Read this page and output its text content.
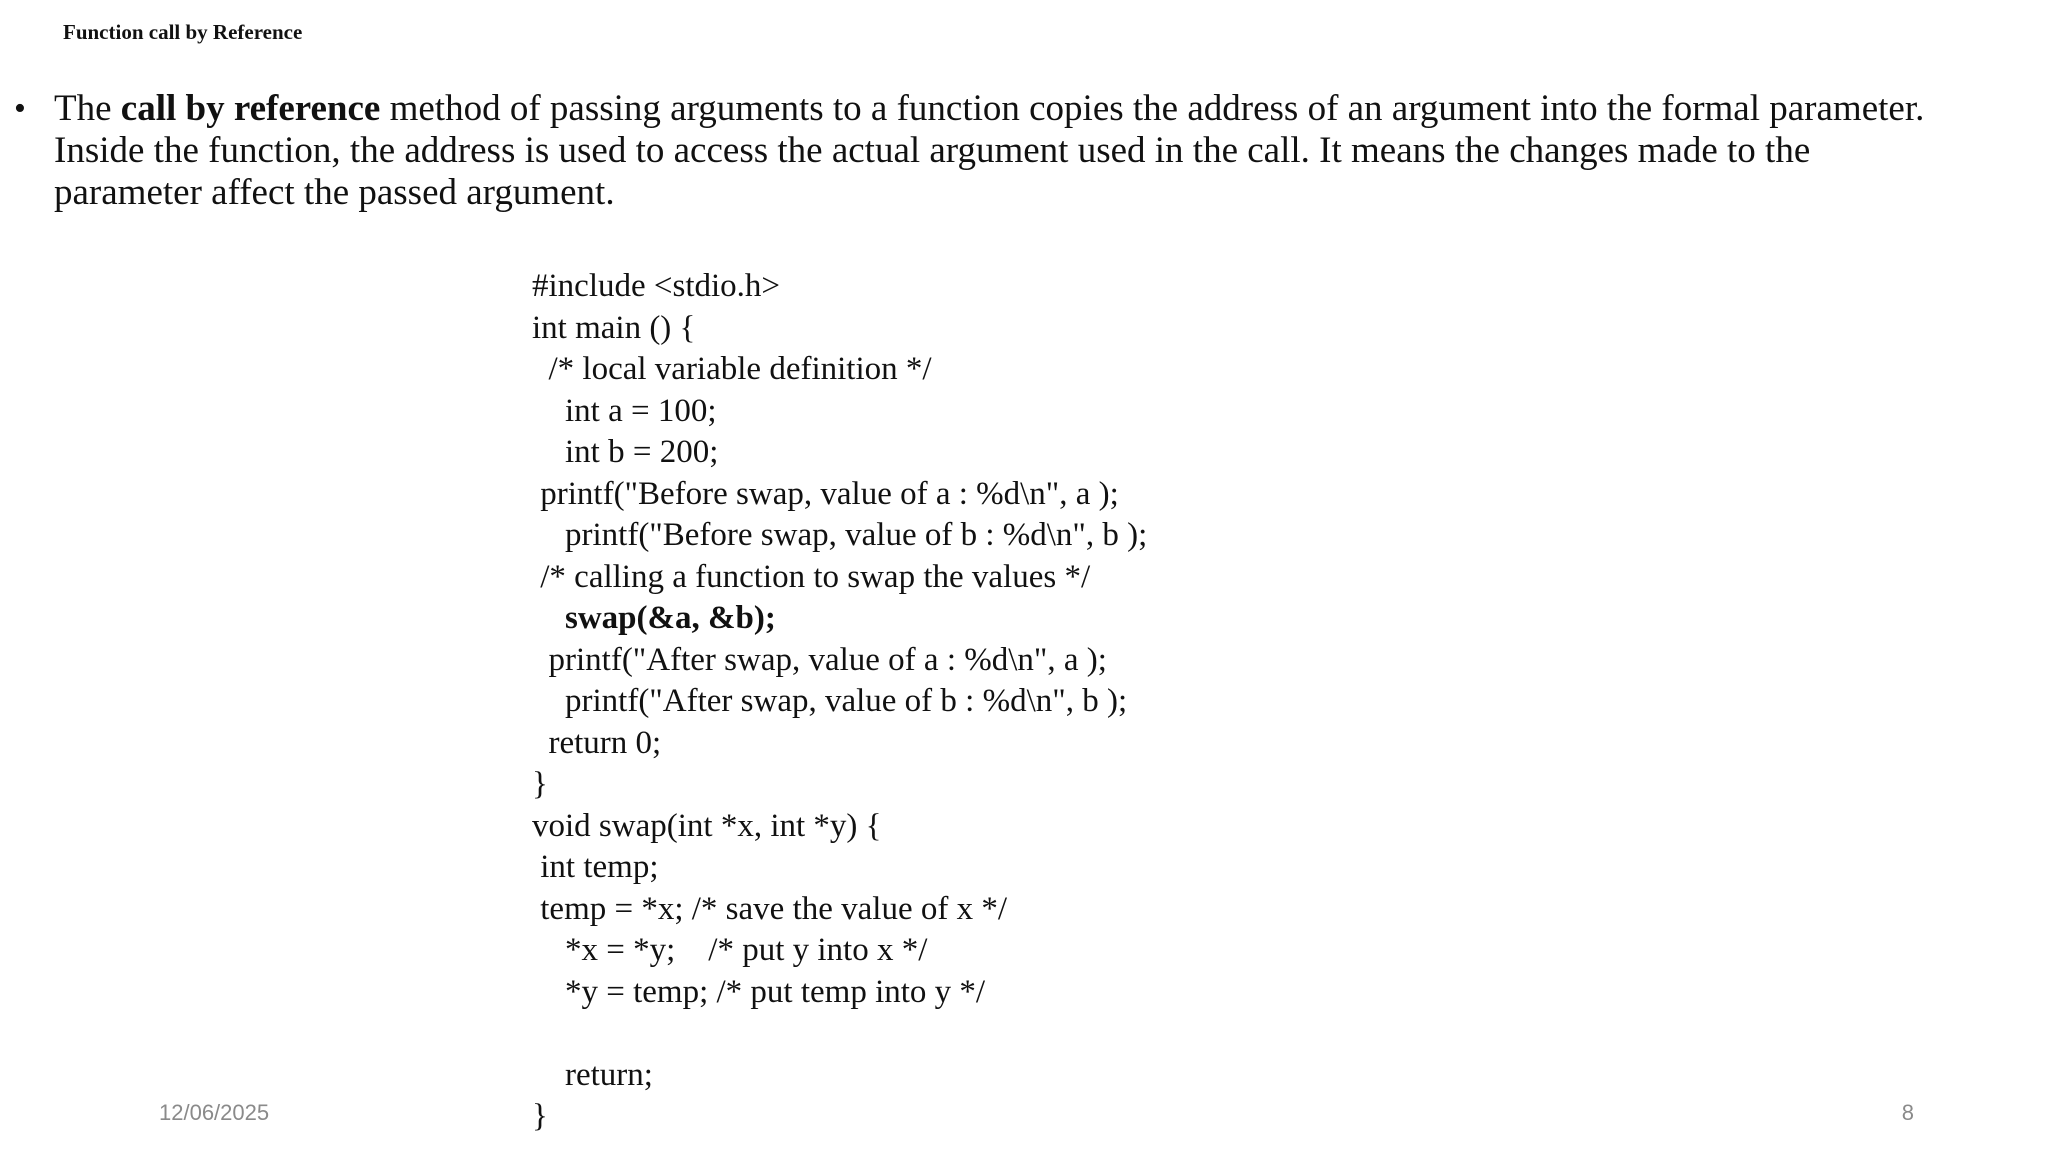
Function call by Reference
• The call by reference method of passing arguments to a function copies the address of an argument into the formal parameter.
Inside the function, the address is used to access the actual argument used in the call. It means the changes made to the
parameter affect the passed argument.
#include <stdio.h>
int main () {
/* local variable definition */
int a = 100;
int b = 200;
printf("Before swap, value of a : %d\n", a );
printf("Before swap, value of b : %d\n", b );
/* calling a function to swap the values */
swap(&a, &b);
printf("After swap, value of a : %d\n", a );
printf("After swap, value of b : %d\n", b );
return 0;
}
void swap(int *x, int *y) {
int temp;
temp = *x; /* save the value of x */
*x = *y;    /* put y into x */
*y = temp; /* put temp into y */
return;
}
12/06/2025	8
